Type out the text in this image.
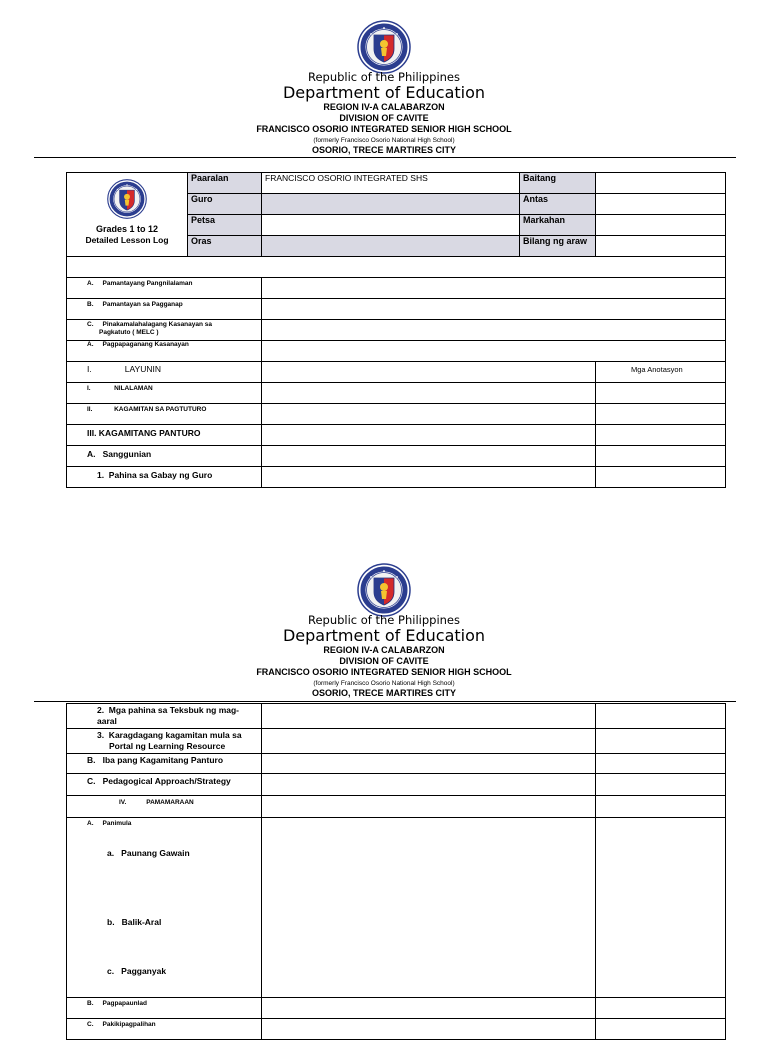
Republic of the Philippines
Department of Education
REGION IV-A CALABARZON
DIVISION OF CAVITE
FRANCISCO OSORIO INTEGRATED SENIOR HIGH SCHOOL
(formerly Francisco Osorio National High School)
OSORIO, TRECE MARTIRES CITY
Grades 1 to 12
Detailed Lesson Log	Paaralan	FRANCISCO OSORIO INTEGRATED SHS	Baitang	
	Guro		Antas	
	Petsa		Markahan	
	Oras		Bilang ng araw	

A.     Pamantayang Pangnilalaman		
B.     Pamantayan sa Pagganap		

C.     Pinakamalahalagang Kasanayan sa
Pagkatuto ( MELC )		

A.     Pagpapaganang Kasanayan		
I.              LAYUNIN		Mga Anotasyon
I.             NILALAMAN		
II.            KAGAMITAN SA PAGTUTURO		
III. KAGAMITANG PANTURO		
A.   Sanggunian		
1.  Pahina sa Gabay ng Guro		
Republic of the Philippines
Department of Education
REGION IV-A CALABARZON
DIVISION OF CAVITE
FRANCISCO OSORIO INTEGRATED SENIOR HIGH SCHOOL
(formerly Francisco Osorio National High School)
OSORIO, TRECE MARTIRES CITY
2.  Mga pahina sa Teksbuk ng mag-
aaral		

3.  Karagdagang kagamitan mula sa
Portal ng Learning Resource		

B.   Iba pang Kagamitang Panturo		
C.   Pedagogical Approach/Strategy		
IV.           PAMAMARAAN		

A.     Panimula
a.   Paunang Gawain
b.   Balik-Aral
c.   Pagganyak		

B.     Pagpapaunlad		
C.     Pakikipagpalihan		
